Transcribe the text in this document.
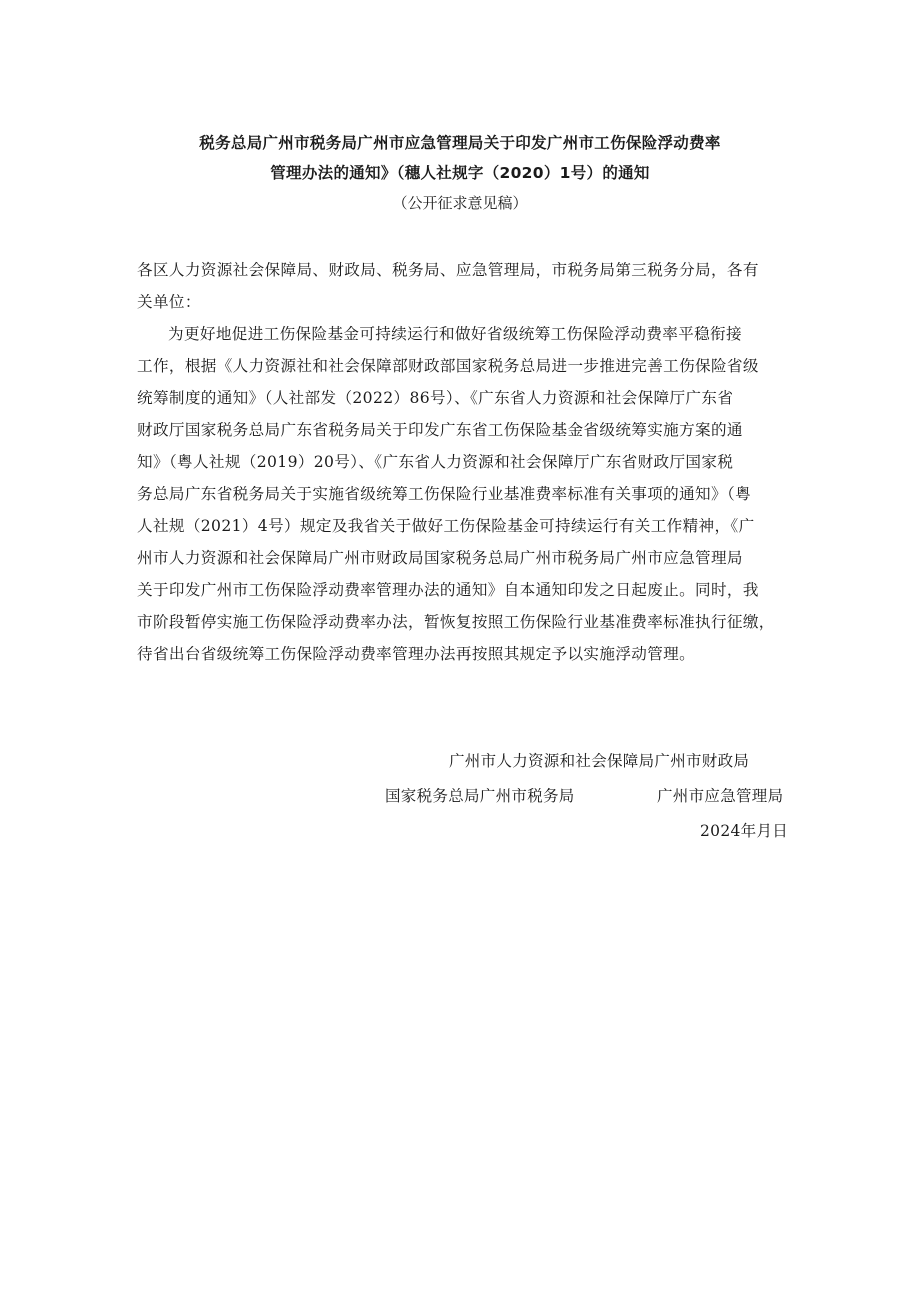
税务总局广州市税务局广州市应急管理局关于印发广州市工伤保险浮动费率
管理办法的通知》（穗人社规字（2020）1号）的通知
（公开征求意见稿）
各区人力资源社会保障局、财政局、税务局、应急管理局，市税务局第三税务分局，各有
关单位：
为更好地促进工伤保险基金可持续运行和做好省级统筹工伤保险浮动费率平稳衔接
工作，根据《人力资源社和社会保障部财政部国家税务总局进一步推进完善工伤保险省级
统筹制度的通知》（人社部发（2022）86号）、《广东省人力资源和社会保障厅广东省
财政厅国家税务总局广东省税务局关于印发广东省工伤保险基金省级统筹实施方案的通
知》（粤人社规（2019）20号）、《广东省人力资源和社会保障厅广东省财政厅国家税
务总局广东省税务局关于实施省级统筹工伤保险行业基准费率标准有关事项的通知》（粤
人社规（2021）4号）规定及我省关于做好工伤保险基金可持续运行有关工作精神，《广
州市人力资源和社会保障局广州市财政局国家税务总局广州市税务局广州市应急管理局
关于印发广州市工伤保险浮动费率管理办法的通知》自本通知印发之日起废止。同时，我
市阶段暂停实施工伤保险浮动费率办法，暂恢复按照工伤保险行业基准费率标准执行征缴，
待省出台省级统筹工伤保险浮动费率管理办法再按照其规定予以实施浮动管理。
广州市人力资源和社会保障局广州市财政局
国家税务总局广州市税务局	广州市应急管理局
2024年月日
